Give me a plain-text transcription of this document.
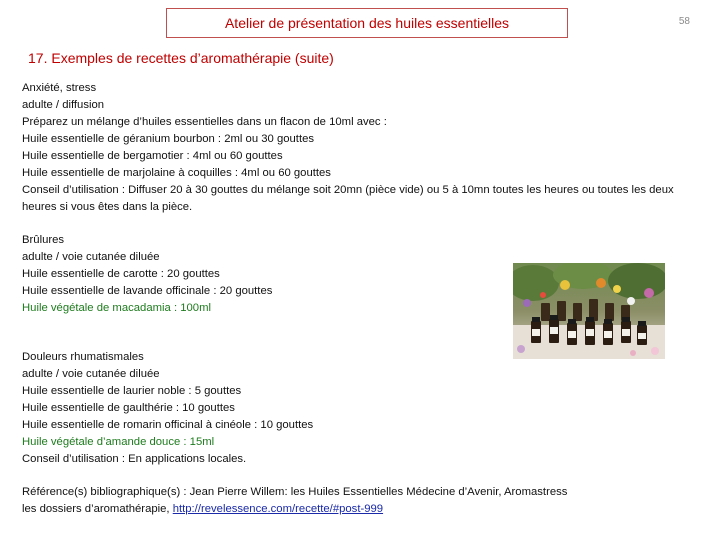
Atelier de présentation des huiles essentielles	58
17. Exemples de recettes d’aromathérapie (suite)
Anxiété, stress
adulte / diffusion
Préparez un mélange d’huiles essentielles dans un flacon de 10ml avec :
Huile essentielle de géranium bourbon : 2ml ou 30 gouttes
Huile essentielle de bergamotier : 4ml ou 60 gouttes
Huile essentielle de marjolaine à coquilles : 4ml ou 60 gouttes
Conseil d’utilisation : Diffuser 20 à 30 gouttes du mélange soit 20mn (pièce vide) ou 5 à 10mn toutes les heures ou toutes les deux heures si vous êtes dans la pièce.
Brûlures
adulte / voie cutanée diluée
Huile essentielle de carotte : 20 gouttes
Huile essentielle de lavande officinale : 20 gouttes
Huile végétale de macadamia : 100ml
Douleurs rhumatismales
adulte / voie cutanée diluée
Huile essentielle de laurier noble : 5 gouttes
Huile essentielle de gaulthérie : 10 gouttes
Huile essentielle de romarin officinal à cinéole : 10 gouttes
Huile végétale d’amande douce : 15ml
Conseil d’utilisation : En applications locales.
Référence(s) bibliographique(s) : Jean Pierre Willem: les Huiles Essentielles Médecine d’Avenir, Aromastress
les dossiers d’aromathérapie, http://revelessence.com/recette/#post-999
